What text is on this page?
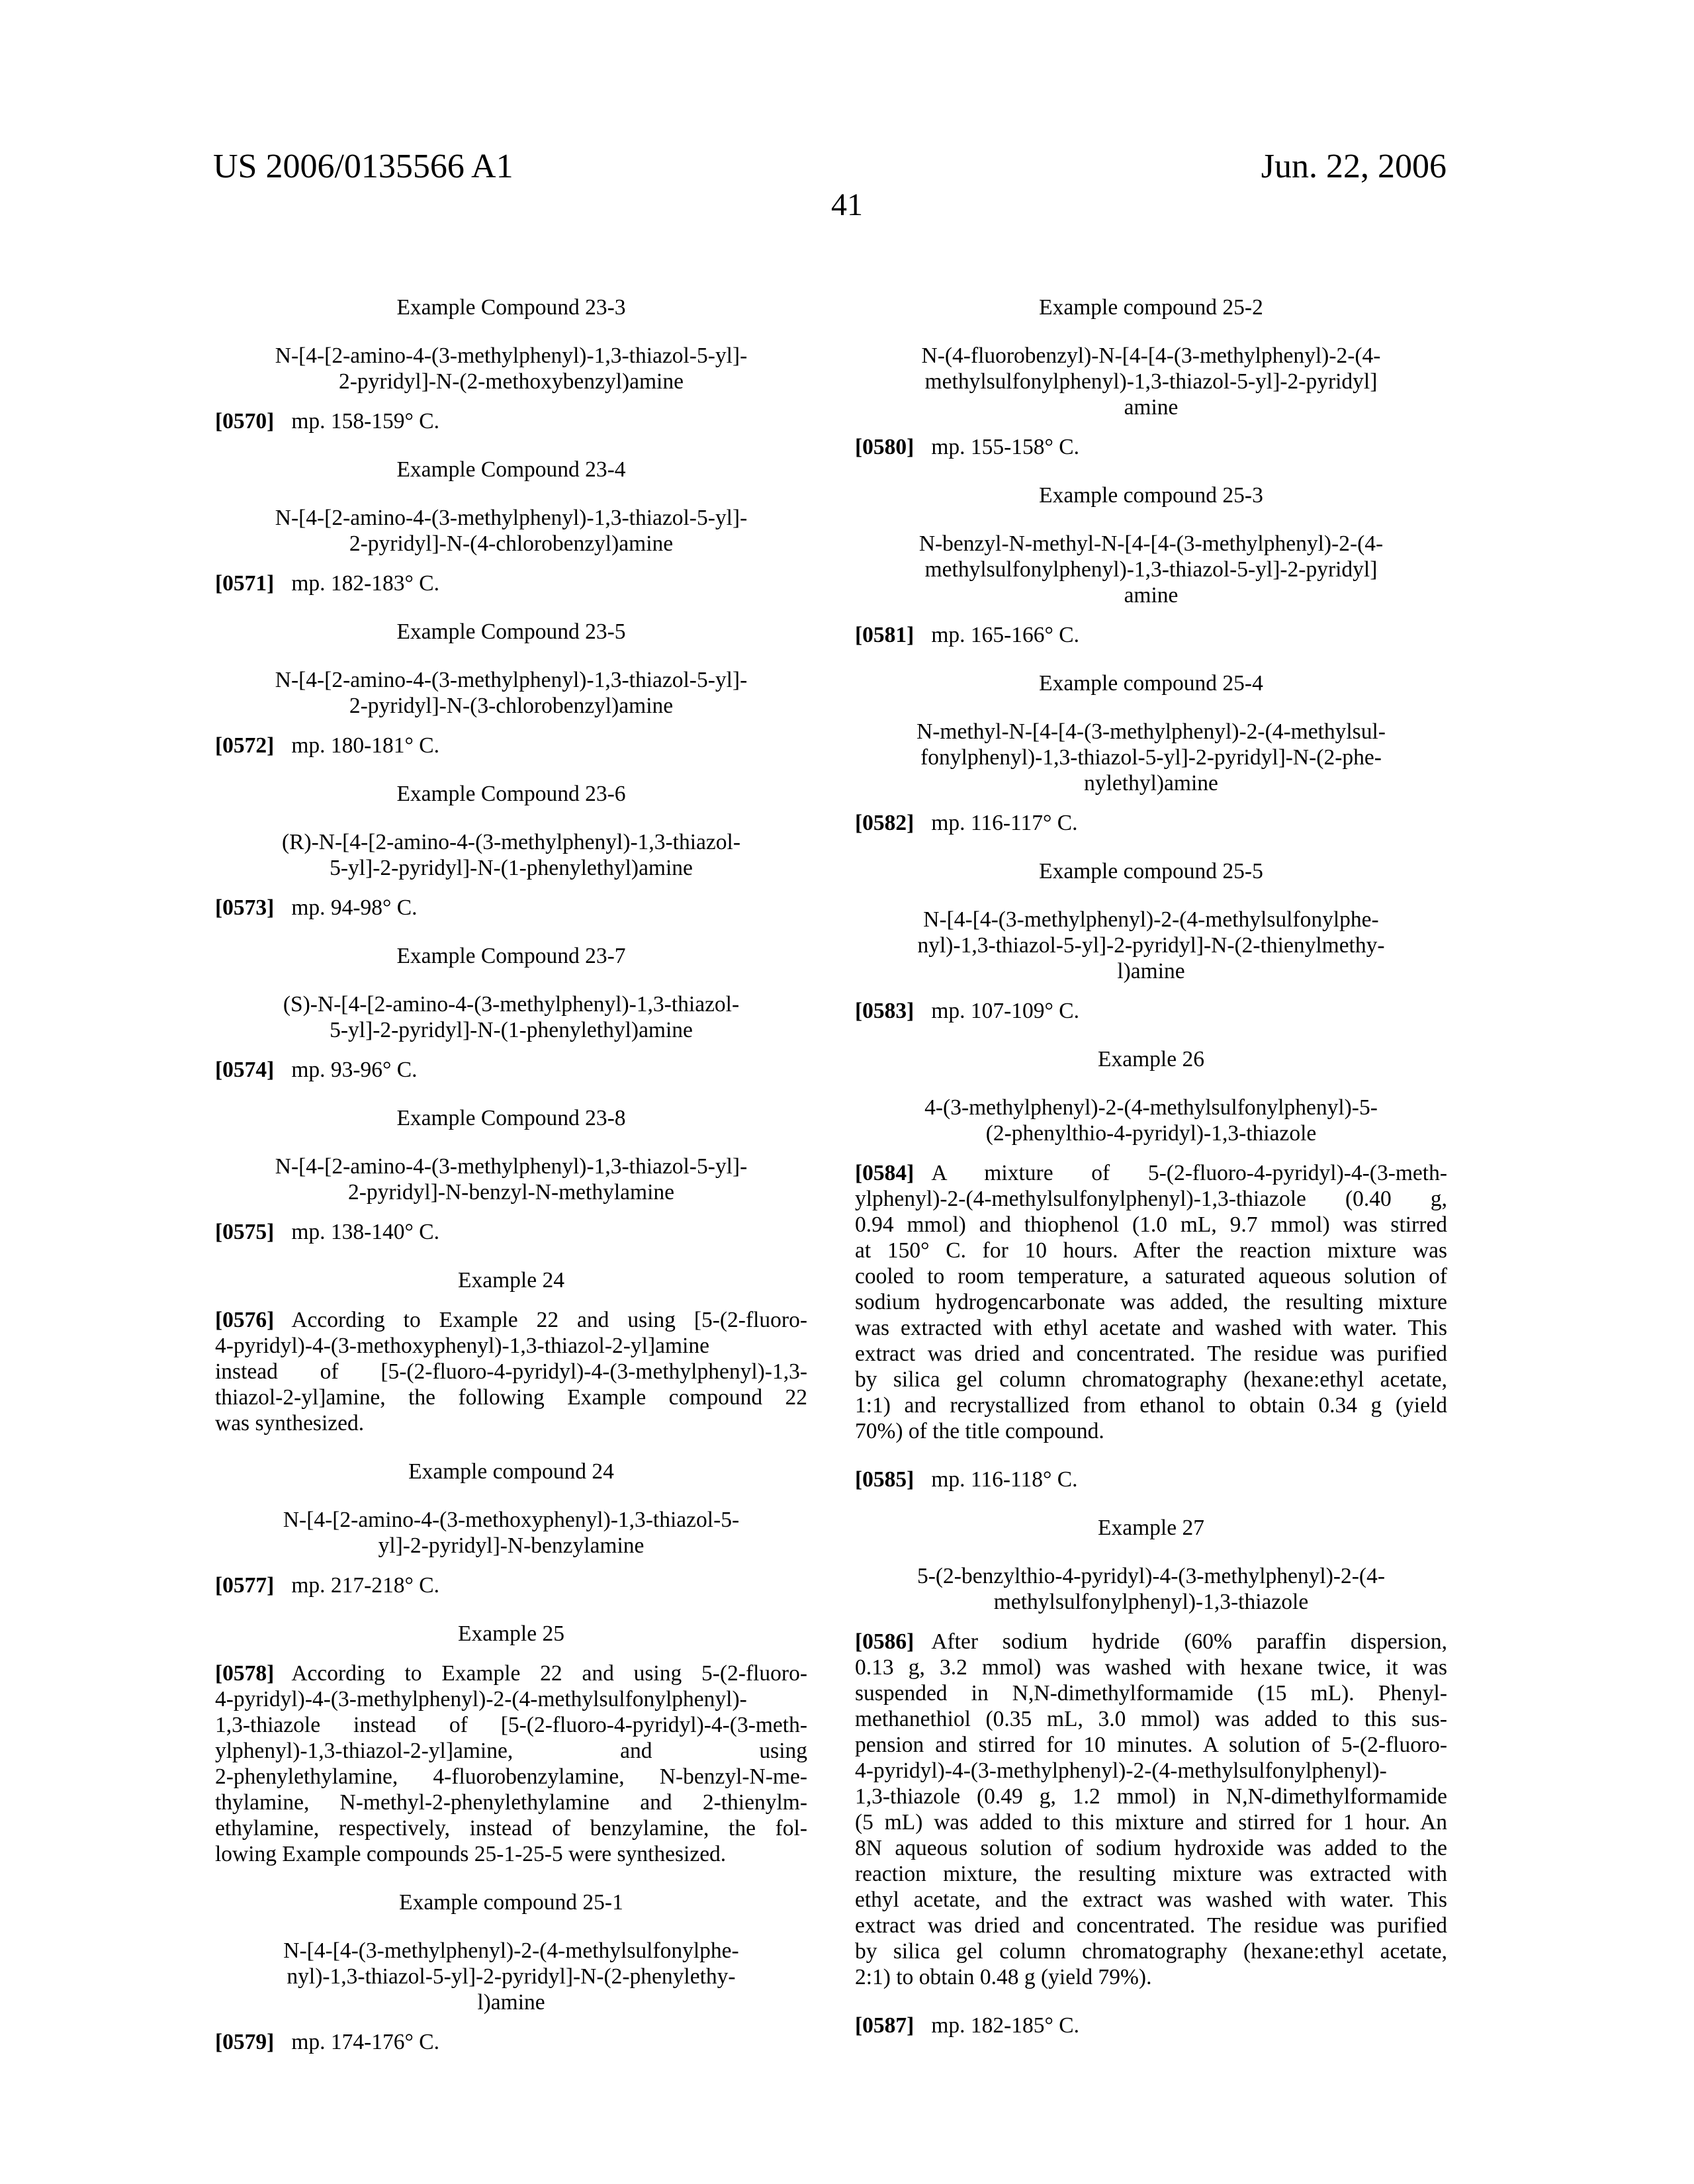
US 2006/0135566 A1	Jun. 22, 2006
41
Example Compound 23-3
N-[4-[2-amino-4-(3-methylphenyl)-1,3-thiazol-5-yl]-
2-pyridyl]-N-(2-methoxybenzyl)amine
[0570] mp. 158-159° C.
Example Compound 23-4
N-[4-[2-amino-4-(3-methylphenyl)-1,3-thiazol-5-yl]-
2-pyridyl]-N-(4-chlorobenzyl)amine
[0571] mp. 182-183° C.
Example Compound 23-5
N-[4-[2-amino-4-(3-methylphenyl)-1,3-thiazol-5-yl]-
2-pyridyl]-N-(3-chlorobenzyl)amine
[0572] mp. 180-181° C.
Example Compound 23-6
(R)-N-[4-[2-amino-4-(3-methylphenyl)-1,3-thiazol-
5-yl]-2-pyridyl]-N-(1-phenylethyl)amine
[0573] mp. 94-98° C.
Example Compound 23-7
(S)-N-[4-[2-amino-4-(3-methylphenyl)-1,3-thiazol-
5-yl]-2-pyridyl]-N-(1-phenylethyl)amine
[0574] mp. 93-96° C.
Example Compound 23-8
N-[4-[2-amino-4-(3-methylphenyl)-1,3-thiazol-5-yl]-
2-pyridyl]-N-benzyl-N-methylamine
[0575] mp. 138-140° C.
Example 24
[0576] According to Example 22 and using [5-(2-fluoro-
4-pyridyl)-4-(3-methoxyphenyl)-1,3-thiazol-2-yl]amine
instead of [5-(2-fluoro-4-pyridyl)-4-(3-methylphenyl)-1,3-
thiazol-2-yl]amine, the following Example compound 22
was synthesized.
Example compound 24
N-[4-[2-amino-4-(3-methoxyphenyl)-1,3-thiazol-5-
yl]-2-pyridyl]-N-benzylamine
[0577] mp. 217-218° C.
Example 25
[0578] According to Example 22 and using 5-(2-fluoro-
4-pyridyl)-4-(3-methylphenyl)-2-(4-methylsulfonylphenyl)-
1,3-thiazole instead of [5-(2-fluoro-4-pyridyl)-4-(3-meth-
ylphenyl)-1,3-thiazol-2-yl]amine, and using
2-phenylethylamine, 4-fluorobenzylamine, N-benzyl-N-me-
thylamine, N-methyl-2-phenylethylamine and 2-thienylm-
ethylamine, respectively, instead of benzylamine, the fol-
lowing Example compounds 25-1-25-5 were synthesized.
Example compound 25-1
N-[4-[4-(3-methylphenyl)-2-(4-methylsulfonylphe-
nyl)-1,3-thiazol-5-yl]-2-pyridyl]-N-(2-phenylethy-
l)amine
[0579] mp. 174-176° C.
Example compound 25-2
N-(4-fluorobenzyl)-N-[4-[4-(3-methylphenyl)-2-(4-
methylsulfonylphenyl)-1,3-thiazol-5-yl]-2-pyridyl]
amine
[0580] mp. 155-158° C.
Example compound 25-3
N-benzyl-N-methyl-N-[4-[4-(3-methylphenyl)-2-(4-
methylsulfonylphenyl)-1,3-thiazol-5-yl]-2-pyridyl]
amine
[0581] mp. 165-166° C.
Example compound 25-4
N-methyl-N-[4-[4-(3-methylphenyl)-2-(4-methylsul-
fonylphenyl)-1,3-thiazol-5-yl]-2-pyridyl]-N-(2-phe-
nylethyl)amine
[0582] mp. 116-117° C.
Example compound 25-5
N-[4-[4-(3-methylphenyl)-2-(4-methylsulfonylphe-
nyl)-1,3-thiazol-5-yl]-2-pyridyl]-N-(2-thienylmethy-
l)amine
[0583] mp. 107-109° C.
Example 26
4-(3-methylphenyl)-2-(4-methylsulfonylphenyl)-5-
(2-phenylthio-4-pyridyl)-1,3-thiazole
[0584] A mixture of 5-(2-fluoro-4-pyridyl)-4-(3-meth-
ylphenyl)-2-(4-methylsulfonylphenyl)-1,3-thiazole (0.40 g,
0.94 mmol) and thiophenol (1.0 mL, 9.7 mmol) was stirred
at 150° C. for 10 hours. After the reaction mixture was
cooled to room temperature, a saturated aqueous solution of
sodium hydrogencarbonate was added, the resulting mixture
was extracted with ethyl acetate and washed with water. This
extract was dried and concentrated. The residue was purified
by silica gel column chromatography (hexane:ethyl acetate,
1:1) and recrystallized from ethanol to obtain 0.34 g (yield
70%) of the title compound.
[0585] mp. 116-118° C.
Example 27
5-(2-benzylthio-4-pyridyl)-4-(3-methylphenyl)-2-(4-
methylsulfonylphenyl)-1,3-thiazole
[0586] After sodium hydride (60% paraffin dispersion,
0.13 g, 3.2 mmol) was washed with hexane twice, it was
suspended in N,N-dimethylformamide (15 mL). Phenyl-
methanethiol (0.35 mL, 3.0 mmol) was added to this sus-
pension and stirred for 10 minutes. A solution of 5-(2-fluoro-
4-pyridyl)-4-(3-methylphenyl)-2-(4-methylsulfonylphenyl)-
1,3-thiazole (0.49 g, 1.2 mmol) in N,N-dimethylformamide
(5 mL) was added to this mixture and stirred for 1 hour. An
8N aqueous solution of sodium hydroxide was added to the
reaction mixture, the resulting mixture was extracted with
ethyl acetate, and the extract was washed with water. This
extract was dried and concentrated. The residue was purified
by silica gel column chromatography (hexane:ethyl acetate,
2:1) to obtain 0.48 g (yield 79%).
[0587] mp. 182-185° C.
